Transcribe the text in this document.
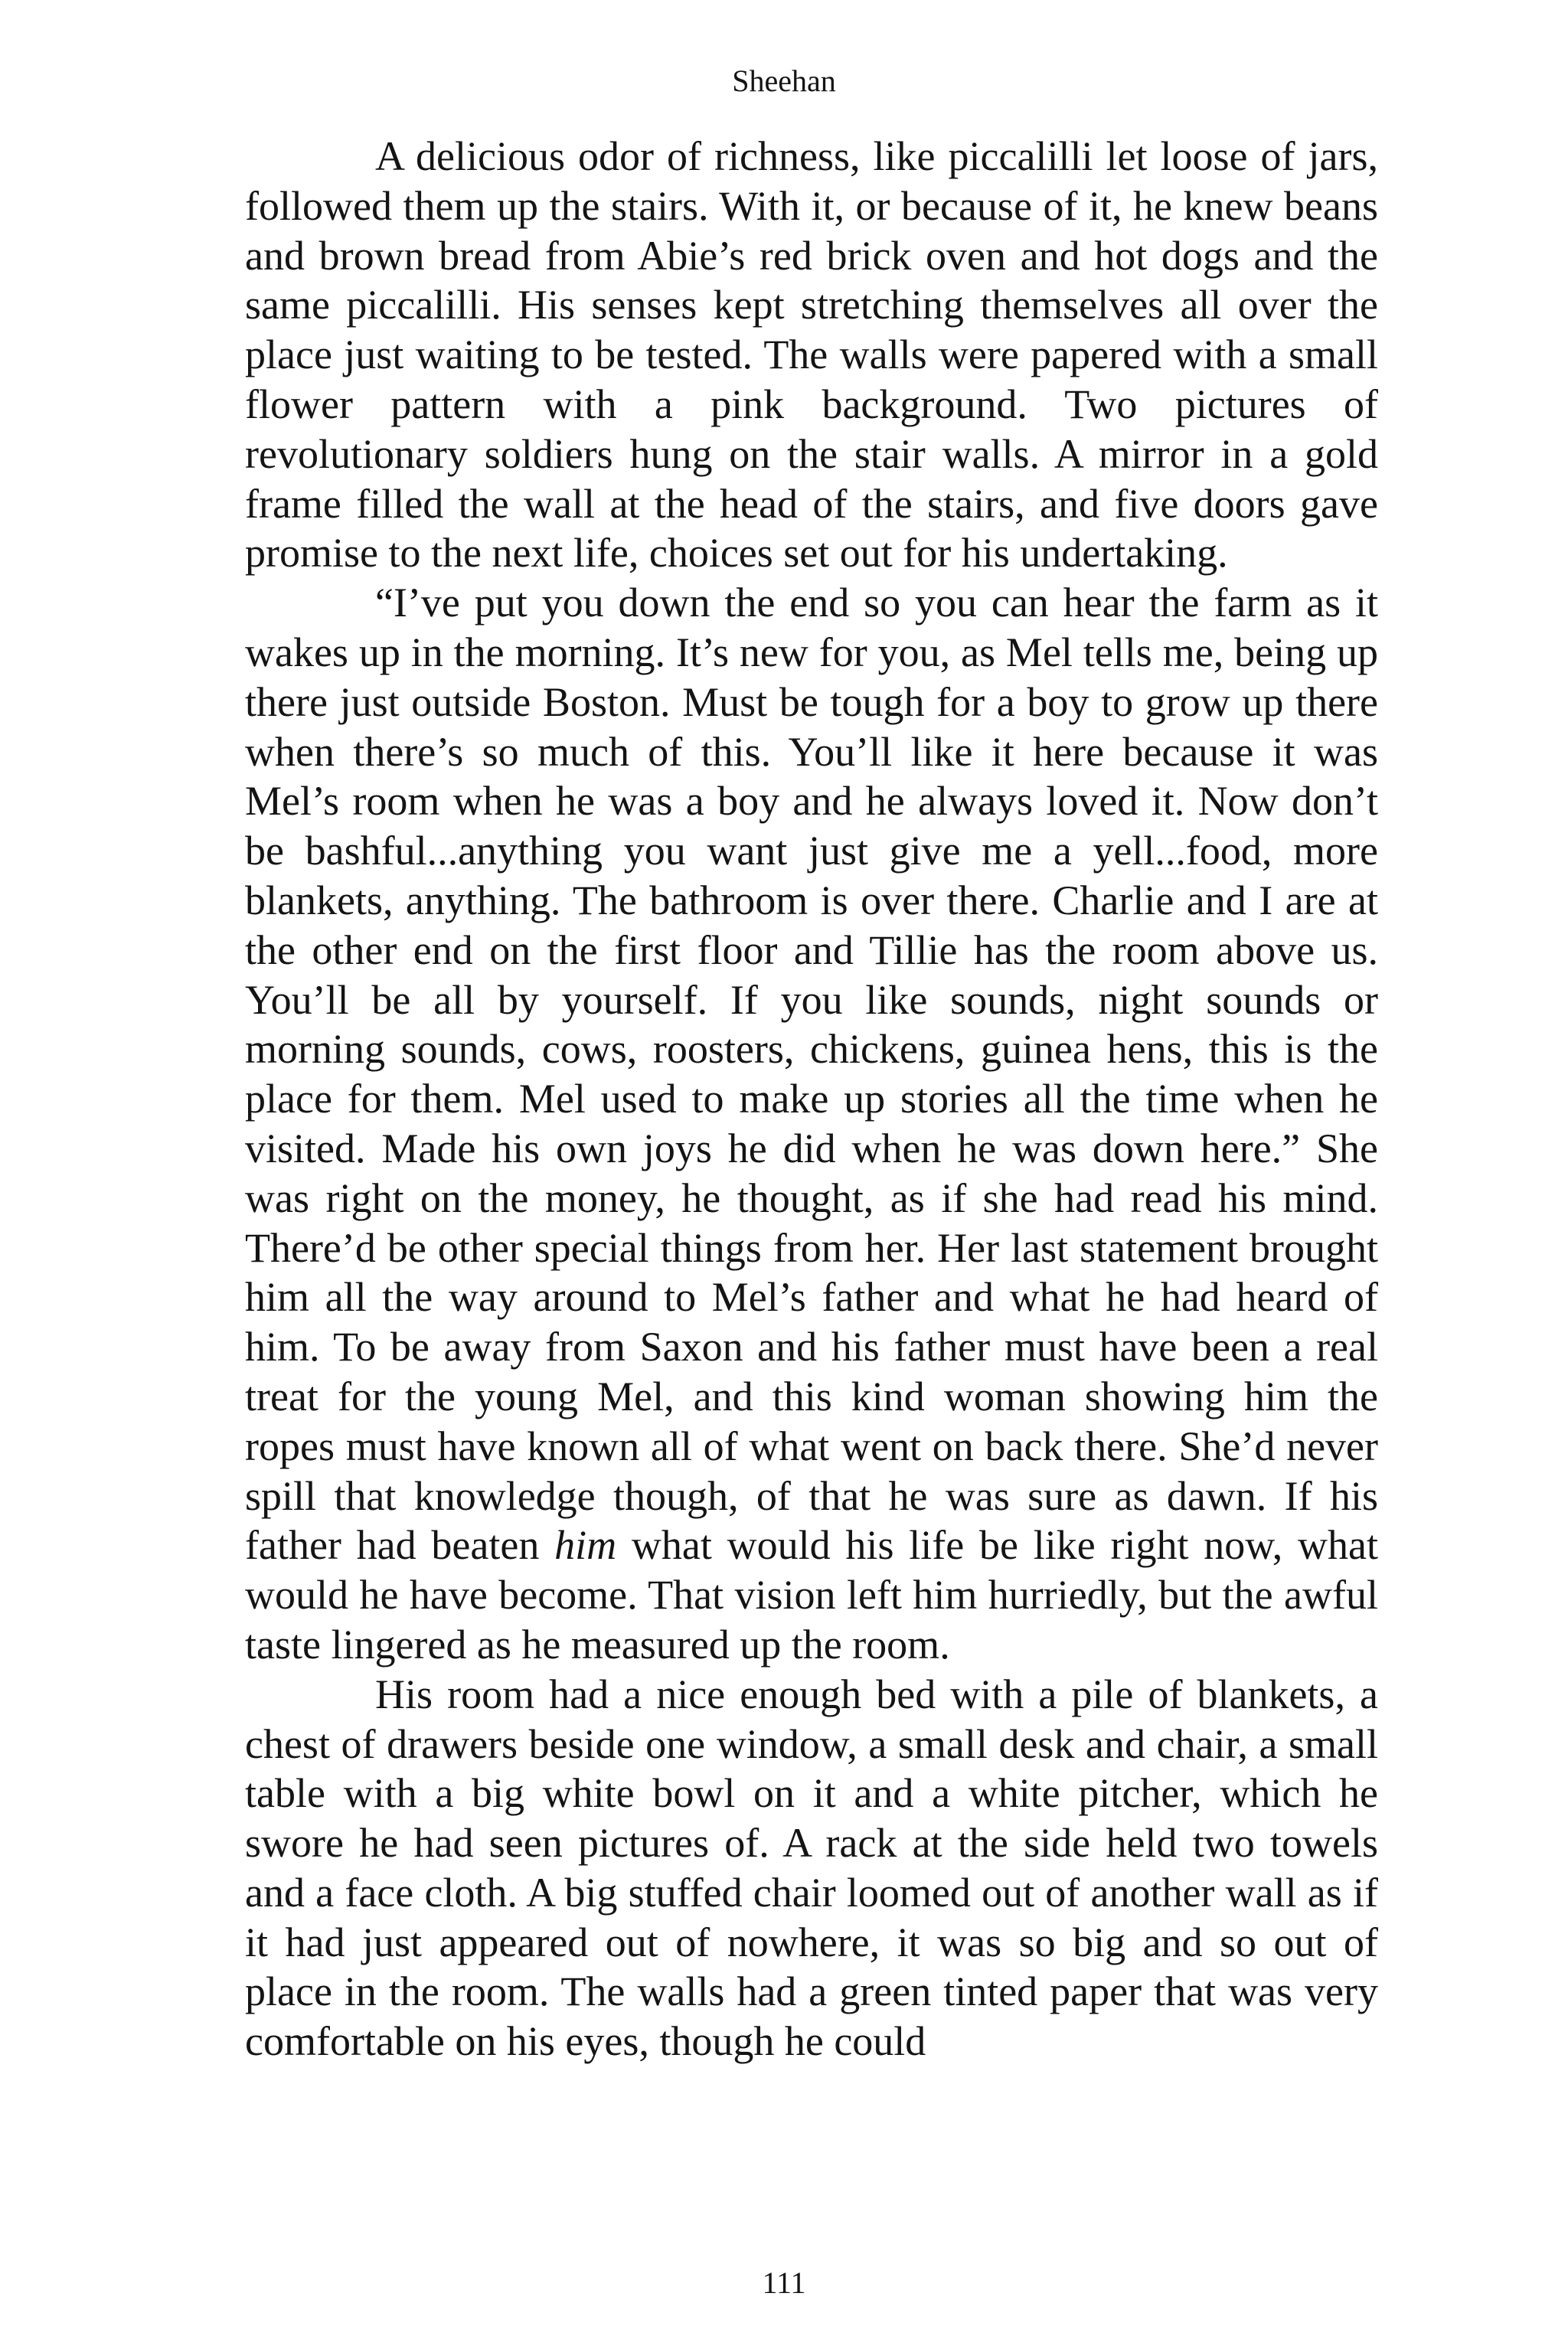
Sheehan

A delicious odor of richness, like piccalilli let loose of jars, followed them up the stairs. With it, or because of it, he knew beans and brown bread from Abie’s red brick oven and hot dogs and the same piccalilli. His senses kept stretching themselves all over the place just waiting to be tested. The walls were papered with a small flower pattern with a pink background. Two pictures of revolutionary soldiers hung on the stair walls. A mirror in a gold frame filled the wall at the head of the stairs, and five doors gave promise to the next life, choices set out for his undertaking.

“I’ve put you down the end so you can hear the farm as it wakes up in the morning. It’s new for you, as Mel tells me, being up there just outside Boston. Must be tough for a boy to grow up there when there’s so much of this. You’ll like it here because it was Mel’s room when he was a boy and he always loved it. Now don’t be bashful...anything you want just give me a yell...food, more blankets, anything. The bathroom is over there. Charlie and I are at the other end on the first floor and Tillie has the room above us. You’ll be all by yourself. If you like sounds, night sounds or morning sounds, cows, roosters, chickens, guinea hens, this is the place for them. Mel used to make up stories all the time when he visited. Made his own joys he did when he was down here.” She was right on the money, he thought, as if she had read his mind. There’d be other special things from her. Her last statement brought him all the way around to Mel’s father and what he had heard of him. To be away from Saxon and his father must have been a real treat for the young Mel, and this kind woman showing him the ropes must have known all of what went on back there. She’d never spill that knowledge though, of that he was sure as dawn. If his father had beaten him what would his life be like right now, what would he have become. That vision left him hurriedly, but the awful taste lingered as he measured up the room.

His room had a nice enough bed with a pile of blankets, a chest of drawers beside one window, a small desk and chair, a small table with a big white bowl on it and a white pitcher, which he swore he had seen pictures of. A rack at the side held two towels and a face cloth. A big stuffed chair loomed out of another wall as if it had just appeared out of nowhere, it was so big and so out of place in the room. The walls had a green tinted paper that was very comfortable on his eyes, though he could

111
